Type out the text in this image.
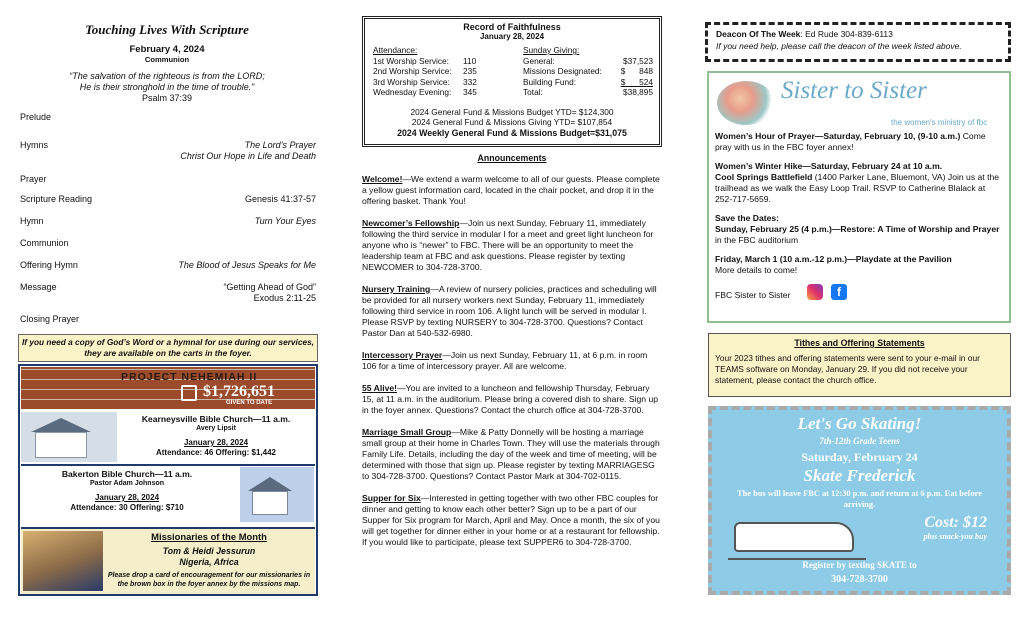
Touching Lives With Scripture
February 4, 2024
Communion
“The salvation of the righteous is from the LORD;
He is their stronghold in the time of trouble.”
Psalm 37:39
Prelude
Hymns	The Lord’s Prayer
Christ Our Hope in Life and Death
Prayer
Scripture Reading	Genesis 41:37-57
Hymn	Turn Your Eyes
Communion
Offering Hymn	The Blood of Jesus Speaks for Me
Message	“Getting Ahead of God”
Exodus 2:11-25
Closing Prayer
If you need a copy of God’s Word or a hymnal for use during our services, they are available on the carts in the foyer.
PROJECT NEHEMIAH II
$1,726,651
GIVEN TO DATE
Kearneysville Bible Church—11 a.m.
Avery Lipsit
January 28, 2024
Attendance: 46 Offering: $1,442
Bakerton Bible Church—11 a.m.
Pastor Adam Johnson
January 28, 2024
Attendance: 30 Offering: $710
Missionaries of the Month
Tom & Heidi Jessurun
Nigeria, Africa
Please drop a card of encouragement for our missionaries in the brown box in the foyer annex by the missions map.
Record of Faithfulness
January 28, 2024
Attendance:
1st Worship Service: 110
2nd Worship Service: 235
3rd Worship Service: 332
Wednesday Evening: 345
Sunday Giving:
General:	$37,523
Missions Designated: $      848
Building Fund:	$      524
Total:	$38,895
2024 General Fund & Missions Budget YTD= $124,300
2024 General Fund & Missions Giving YTD= $107,854
2024 Weekly General Fund & Missions Budget=$31,075
Announcements
Welcome!—We extend a warm welcome to all of our guests. Please complete a yellow guest information card, located in the chair pocket, and drop it in the offering basket. Thank You!
Newcomer’s Fellowship—Join us next Sunday, February 11, immediately following the third service in modular I for a meet and greet light luncheon for anyone who is “newer” to FBC. There will be an opportunity to meet the leadership team at FBC and ask questions. Please register by texting NEWCOMER to 304-728-3700.
Nursery Training—A review of nursery policies, practices and scheduling will be provided for all nursery workers next Sunday, February 11, immediately following third service in room 106. A light lunch will be served in modular I. Please RSVP by texting NURSERY to 304-728-3700. Questions? Contact Pastor Dan at 540-532-6980.
Intercessory Prayer—Join us next Sunday, February 11, at 6 p.m. in room 106 for a time of intercessory prayer. All are welcome.
55 Alive!—You are invited to a luncheon and fellowship Thursday, February 15, at 11 a.m. in the auditorium. Please bring a covered dish to share. Sign up in the foyer annex. Questions? Contact the church office at 304-728-3700.
Marriage Small Group—Mike & Patty Donnelly will be hosting a marriage small group at their home in Charles Town. They will use the materials through Family Life. Details, including the day of the week and time of meeting, will be determined with those that sign up. Please register by texting MARRIAGESG to 304-728-3700. Questions? Contact Pastor Mark at 304-702-0115.
Supper for Six—Interested in getting together with two other FBC couples for dinner and getting to know each other better? Sign up to be a part of our Supper for Six program for March, April and May. Once a month, the six of you will get together for dinner either in your home or at a restaurant for fellowship. If you would like to participate, please text SUPPER6 to 304-728-3700.
Deacon Of The Week: Ed Rude 304-839-6113
If you need help, please call the deacon of the week listed above.
Sister to Sister
the women's ministry of fbc
Women’s Hour of Prayer—Saturday, February 10, (9-10 a.m.) Come pray with us in the FBC foyer annex!
Women’s Winter Hike—Saturday, February 24 at 10 a.m.
Cool Springs Battlefield (1400 Parker Lane, Bluemont, VA) Join us at the trailhead as we walk the Easy Loop Trail. RSVP to Catherine Blalack at 252-717-5659.
Save the Dates:
Sunday, February 25 (4 p.m.)—Restore: A Time of Worship and Prayer in the FBC auditorium
Friday, March 1 (10 a.m.-12 p.m.)—Playdate at the Pavilion
More details to come!
FBC Sister to Sister	f
Tithes and Offering Statements
Your 2023 tithes and offering statements were sent to your e-mail in our TEAMS software on Monday, January 29. If you did not receive your statement, please contact the church office.
Let's Go Skating!
7th-12th Grade Teens
Saturday, February 24
Skate Frederick
The bus will leave FBC at 12:30 p.m. and return at 6 p.m. Eat before arriving.
Cost: $12
plus snack-you buy
Register by texting SKATE to
304-728-3700
